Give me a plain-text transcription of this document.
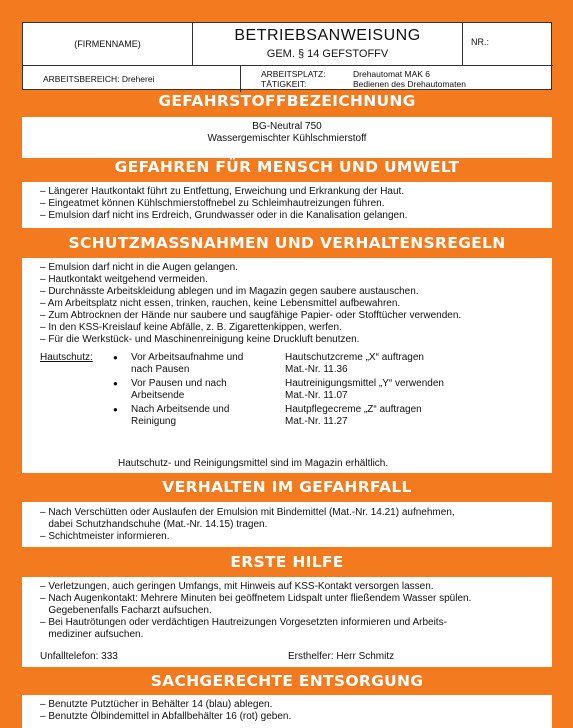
(FIRMENNAME)	BETRIEBSANWEISUNG
GEM. § 14 GEFSTOFFV
NR.:
ARBEITSBEREICH: Dreherei	ARBEITSPLATZ:	Drehautomat MAK 6
TÄTIGKEIT:	Bedienen des Drehautomaten
GEFAHRSTOFFBEZEICHNUNG
BG-Neutral 750
Wassergemischter Kühlschmierstoff
GEFAHREN FÜR MENSCH UND UMWELT
– Längerer Hautkontakt führt zu Entfettung, Erweichung und Erkrankung der Haut.
– Eingeatmet können Kühlschmierstoffnebel zu Schleimhautreizungen führen.
– Emulsion darf nicht ins Erdreich, Grundwasser oder in die Kanalisation gelangen.
SCHUTZMASSNAHMEN UND VERHALTENSREGELN
– Emulsion darf nicht in die Augen gelangen.
– Hautkontakt weitgehend vermeiden.
– Durchnässte Arbeitskleidung ablegen und im Magazin gegen saubere austauschen.
– Am Arbeitsplatz nicht essen, trinken, rauchen, keine Lebensmittel aufbewahren.
– Zum Abtrocknen der Hände nur saubere und saugfähige Papier- oder Stofftücher verwenden.
– In den KSS-Kreislauf keine Abfälle, z. B. Zigarettenkippen, werfen.
– Für die Werkstück- und Maschinenreinigung keine Druckluft benutzen.
Hautschutz:
●	Vor Arbeitsaufnahme und
nach Pausen
Hautschutzcreme „X“ auftragen
Mat.-Nr. 11.36
● Vor Pausen und nach
Arbeitsende
Hautreinigungsmittel „Y“ verwenden
Mat.-Nr. 11.07
● Nach Arbeitsende und
Reinigung
Hautpflegecreme „Z“ auftragen
Mat.-Nr. 11.27
Hautschutz- und Reinigungsmittel sind im Magazin erhältlich.
VERHALTEN IM GEFAHRFALL
– Nach Verschütten oder Auslaufen der Emulsion mit Bindemittel (Mat.-Nr. 14.21) aufnehmen,
dabei Schutzhandschuhe (Mat.-Nr. 14.15) tragen.
– Schichtmeister informieren.
ERSTE HILFE
– Verletzungen, auch geringen Umfangs, mit Hinweis auf KSS-Kontakt versorgen lassen.
– Nach Augenkontakt: Mehrere Minuten bei geöffnetem Lidspalt unter fließendem Wasser spülen.
Gegebenenfalls Facharzt aufsuchen.
– Bei Hautrötungen oder verdächtigen Hautreizungen Vorgesetzten informieren und Arbeits-
mediziner aufsuchen.
Unfalltelefon: 333	Ersthelfer: Herr Schmitz
SACHGERECHTE ENTSORGUNG
– Benutzte Putztücher in Behälter 14 (blau) ablegen.
– Benutzte Ölbindemittel in Abfallbehälter 16 (rot) geben.
